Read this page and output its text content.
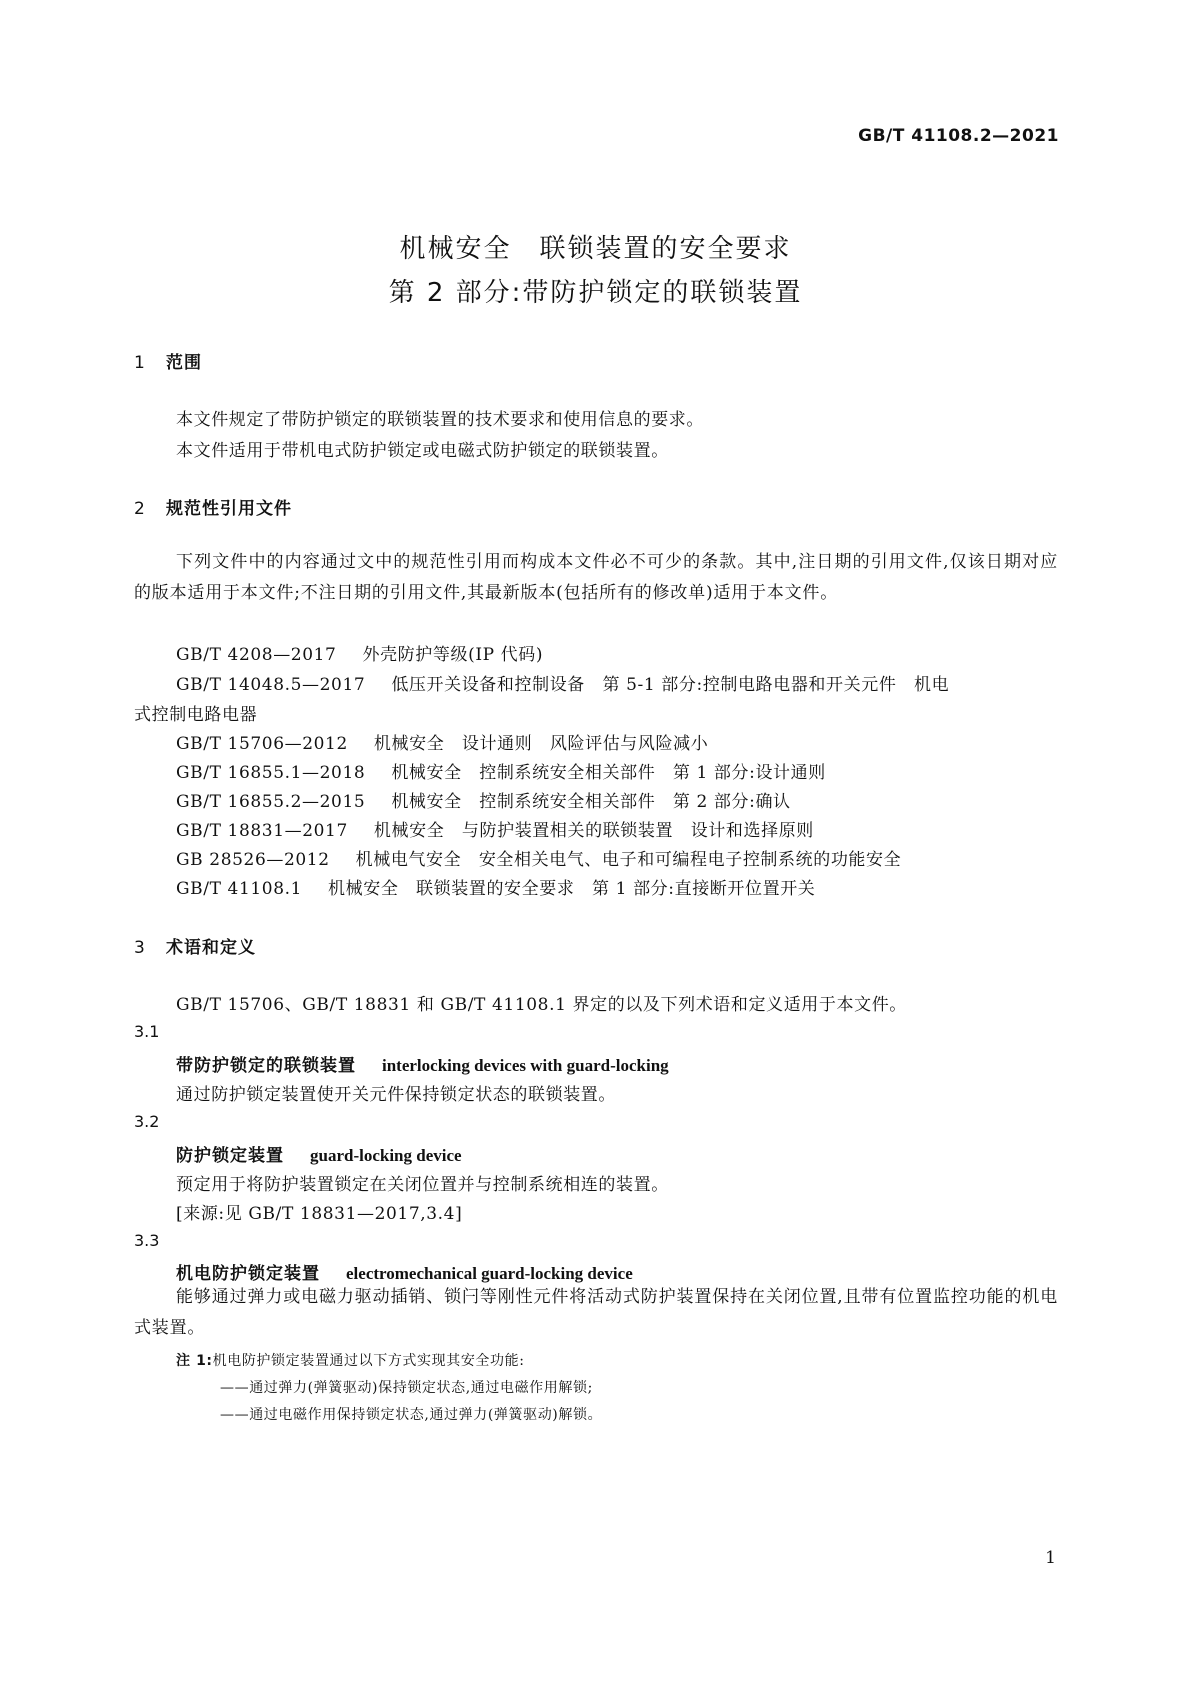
GB/T 41108.2—2021
机械安全　联锁装置的安全要求
第 2 部分:带防护锁定的联锁装置
1 范围
本文件规定了带防护锁定的联锁装置的技术要求和使用信息的要求。
本文件适用于带机电式防护锁定或电磁式防护锁定的联锁装置。
2 规范性引用文件
下列文件中的内容通过文中的规范性引用而构成本文件必不可少的条款。其中,注日期的引用文件,仅该日期对应的版本适用于本文件;不注日期的引用文件,其最新版本(包括所有的修改单)适用于本文件。
GB/T 4208—2017 外壳防护等级(IP 代码)
GB/T 14048.5—2017 低压开关设备和控制设备　第 5-1 部分:控制电路电器和开关元件　机电
式控制电路电器
GB/T 15706—2012 机械安全　设计通则　风险评估与风险减小
GB/T 16855.1—2018 机械安全　控制系统安全相关部件　第 1 部分:设计通则
GB/T 16855.2—2015 机械安全　控制系统安全相关部件　第 2 部分:确认
GB/T 18831—2017 机械安全　与防护装置相关的联锁装置　设计和选择原则
GB 28526—2012 机械电气安全　安全相关电气、电子和可编程电子控制系统的功能安全
GB/T 41108.1 机械安全　联锁装置的安全要求　第 1 部分:直接断开位置开关
3 术语和定义
GB/T 15706、GB/T 18831 和 GB/T 41108.1 界定的以及下列术语和定义适用于本文件。
3.1
带防护锁定的联锁装置 interlocking devices with guard-locking
通过防护锁定装置使开关元件保持锁定状态的联锁装置。
3.2
防护锁定装置 guard-locking device
预定用于将防护装置锁定在关闭位置并与控制系统相连的装置。
[来源:见 GB/T 18831—2017,3.4]
3.3
机电防护锁定装置 electromechanical guard-locking device
能够通过弹力或电磁力驱动插销、锁闩等刚性元件将活动式防护装置保持在关闭位置,且带有位置监控功能的机电式装置。
注 1:机电防护锁定装置通过以下方式实现其安全功能:
——通过弹力(弹簧驱动)保持锁定状态,通过电磁作用解锁;
——通过电磁作用保持锁定状态,通过弹力(弹簧驱动)解锁。
1
